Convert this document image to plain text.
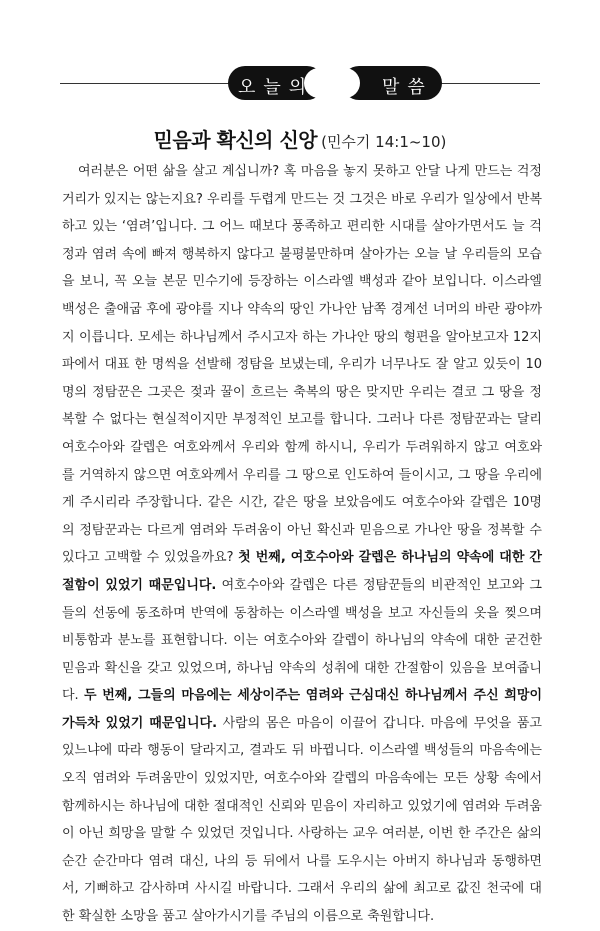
오늘의	말씀
믿음과 확신의 신앙 (민수기 14:1~10)
여러분은 어떤 삶을 살고 계십니까? 혹 마음을 놓지 못하고 안달 나게 만드는 걱정거리가 있지는 않는지요? 우리를 두렵게 만드는 것 그것은 바로 우리가 일상에서 반복하고 있는 ‘염려’입니다. 그 어느 때보다 풍족하고 편리한 시대를 살아가면서도 늘 걱정과 염려 속에 빠져 행복하지 않다고 불평불만하며 살아가는 오늘 날 우리들의 모습을 보니, 꼭 오늘 본문 민수기에 등장하는 이스라엘 백성과 같아 보입니다. 이스라엘 백성은 출애굽 후에 광야를 지나 약속의 땅인 가나안 남쪽 경계선 너머의 바란 광야까지 이릅니다. 모세는 하나님께서 주시고자 하는 가나안 땅의 형편을 알아보고자 12지파에서 대표 한 명씩을 선발해 정탐을 보냈는데, 우리가 너무나도 잘 알고 있듯이 10명의 정탐꾼은 그곳은 젖과 꿀이 흐르는 축복의 땅은 맞지만 우리는 결코 그 땅을 정복할 수 없다는 현실적이지만 부정적인 보고를 합니다. 그러나 다른 정탐꾼과는 달리 여호수아와 갈렙은 여호와께서 우리와 함께 하시니, 우리가 두려워하지 않고 여호와를 거역하지 않으면 여호와께서 우리를 그 땅으로 인도하여 들이시고, 그 땅을 우리에게 주시리라 주장합니다. 같은 시간, 같은 땅을 보았음에도 여호수아와 갈렙은 10명의 정탐꾼과는 다르게 염려와 두려움이 아닌 확신과 믿음으로 가나안 땅을 정복할 수 있다고 고백할 수 있었을까요? 첫 번째, 여호수아와 갈렙은 하나님의 약속에 대한 간절함이 있었기 때문입니다. 여호수아와 갈렙은 다른 정탐꾼들의 비관적인 보고와 그들의 선동에 동조하며 반역에 동참하는 이스라엘 백성을 보고 자신들의 옷을 찢으며 비통함과 분노를 표현합니다. 이는 여호수아와 갈렙이 하나님의 약속에 대한 굳건한 믿음과 확신을 갖고 있었으며, 하나님 약속의 성취에 대한 간절함이 있음을 보여줍니다. 두 번째, 그들의 마음에는 세상이주는 염려와 근심대신 하나님께서 주신 희망이 가득차 있었기 때문입니다. 사람의 몸은 마음이 이끌어 갑니다. 마음에 무엇을 품고 있느냐에 따라 행동이 달라지고, 결과도 뒤 바뀝니다. 이스라엘 백성들의 마음속에는 오직 염려와 두려움만이 있었지만, 여호수아와 갈렙의 마음속에는 모든 상황 속에서 함께하시는 하나님에 대한 절대적인 신뢰와 믿음이 자리하고 있었기에 염려와 두려움이 아닌 희망을 말할 수 있었던 것입니다. 사랑하는 교우 여러분, 이번 한 주간은 삶의 순간 순간마다 염려 대신, 나의 등 뒤에서 나를 도우시는 아버지 하나님과 동행하면서, 기뻐하고 감사하며 사시길 바랍니다. 그래서 우리의 삶에 최고로 값진 천국에 대한 확실한 소망을 품고 살아가시기를 주님의 이름으로 축원합니다.
